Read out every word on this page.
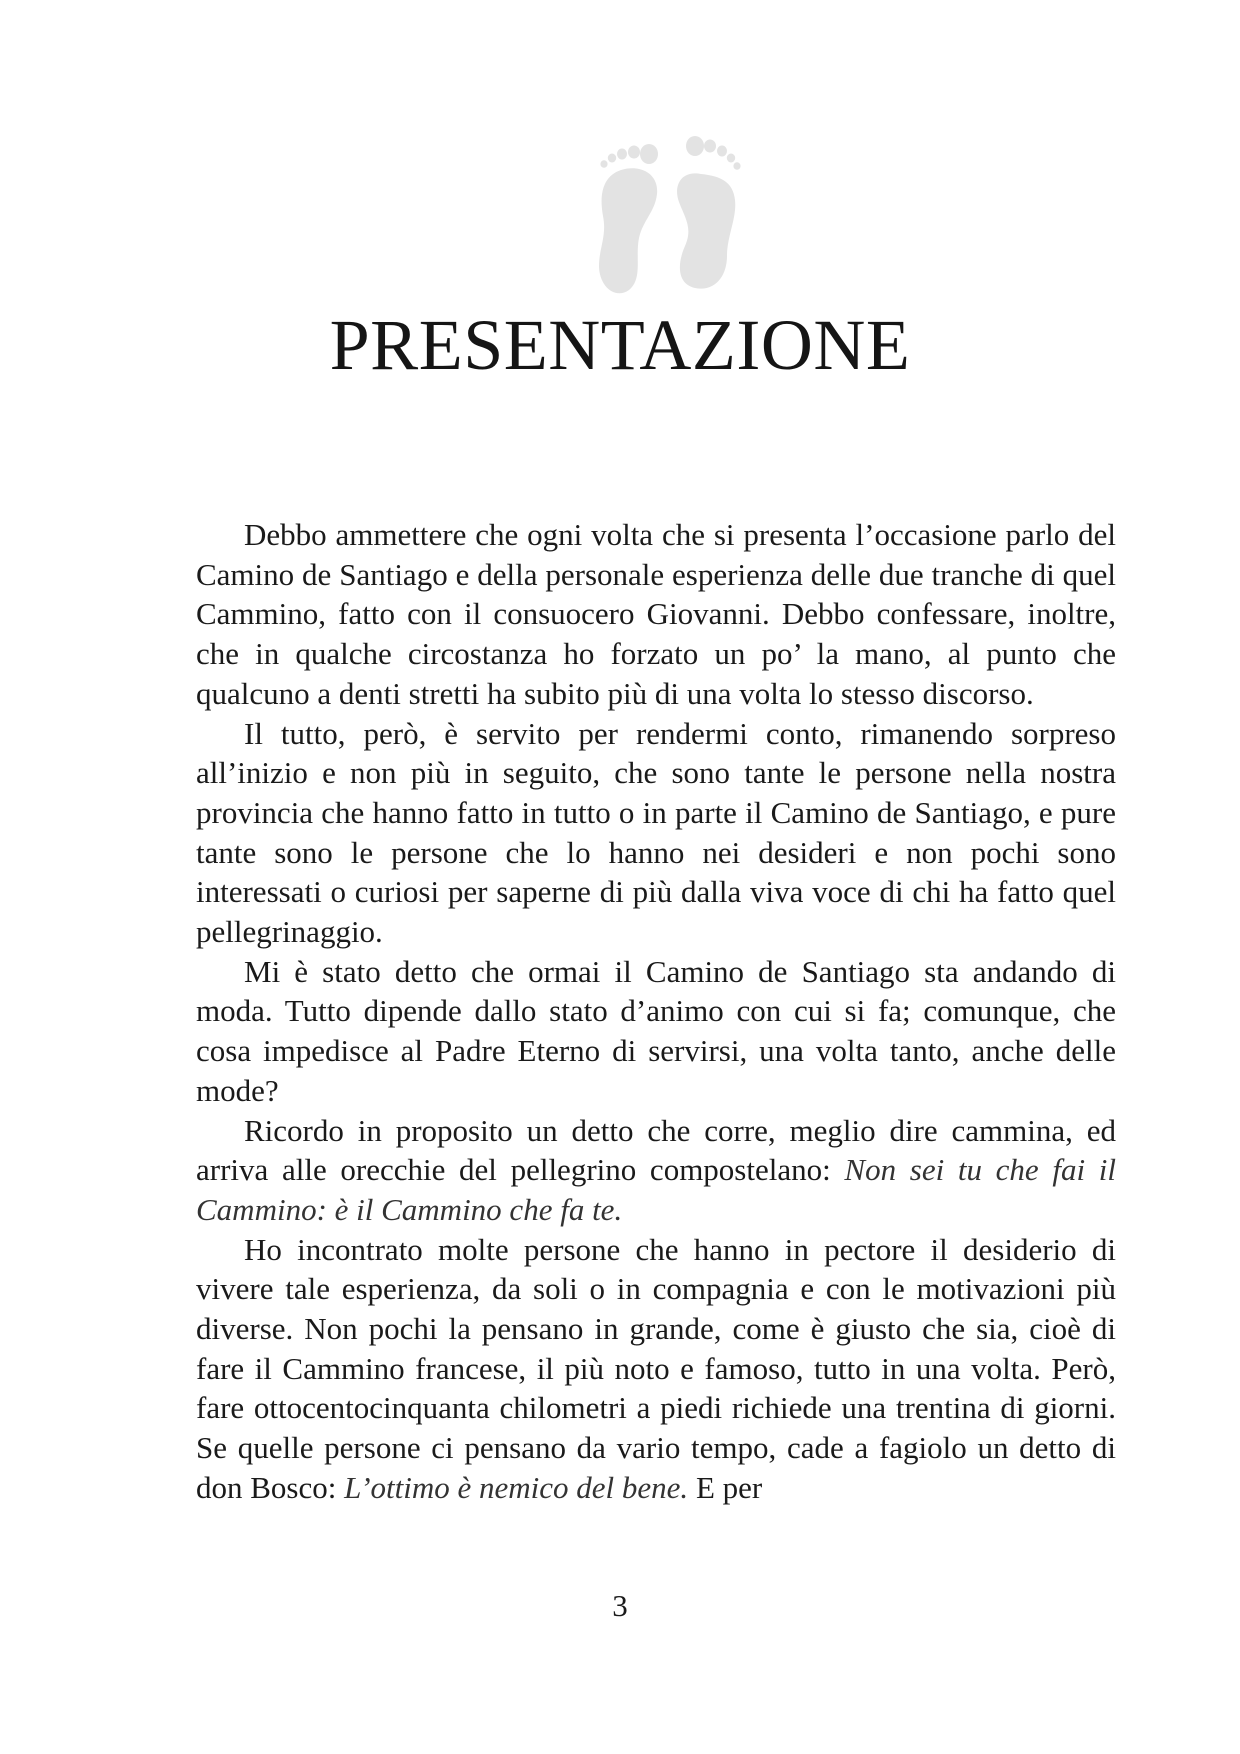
PRESENTAZIONE

Debbo ammettere che ogni volta che si presenta l’occasione parlo del Camino de Santiago e della personale esperienza delle due tranche di quel Cammino, fatto con il consuocero Giovanni. Debbo confessare, inoltre, che in qualche circostanza ho forzato un po’ la mano, al punto che qualcuno a denti stretti ha subito più di una volta lo stesso discorso.

Il tutto, però, è servito per rendermi conto, rimanendo sorpreso all’inizio e non più in seguito, che sono tante le persone nella nostra provincia che hanno fatto in tutto o in parte il Camino de Santiago, e pure tante sono le persone che lo hanno nei desideri e non pochi sono interessati o curiosi per saperne di più dalla viva voce di chi ha fatto quel pellegrinaggio.

Mi è stato detto che ormai il Camino de Santiago sta andando di moda. Tutto dipende dallo stato d’animo con cui si fa; comunque, che cosa impedisce al Padre Eterno di servirsi, una volta tanto, anche delle mode?

Ricordo in proposito un detto che corre, meglio dire cammina, ed arriva alle orecchie del pellegrino compostelano: Non sei tu che fai il Cammino: è il Cammino che fa te.

Ho incontrato molte persone che hanno in pectore il desiderio di vivere tale esperienza, da soli o in compagnia e con le motivazioni più diverse. Non pochi la pensano in grande, come è giusto che sia, cioè di fare il Cammino francese, il più noto e famoso, tutto in una volta. Però, fare ottocentocinquanta chilometri a piedi richiede una trentina di giorni. Se quelle persone ci pensano da vario tempo, cade a fagiolo un detto di don Bosco: L’ottimo è nemico del bene. E per

3
